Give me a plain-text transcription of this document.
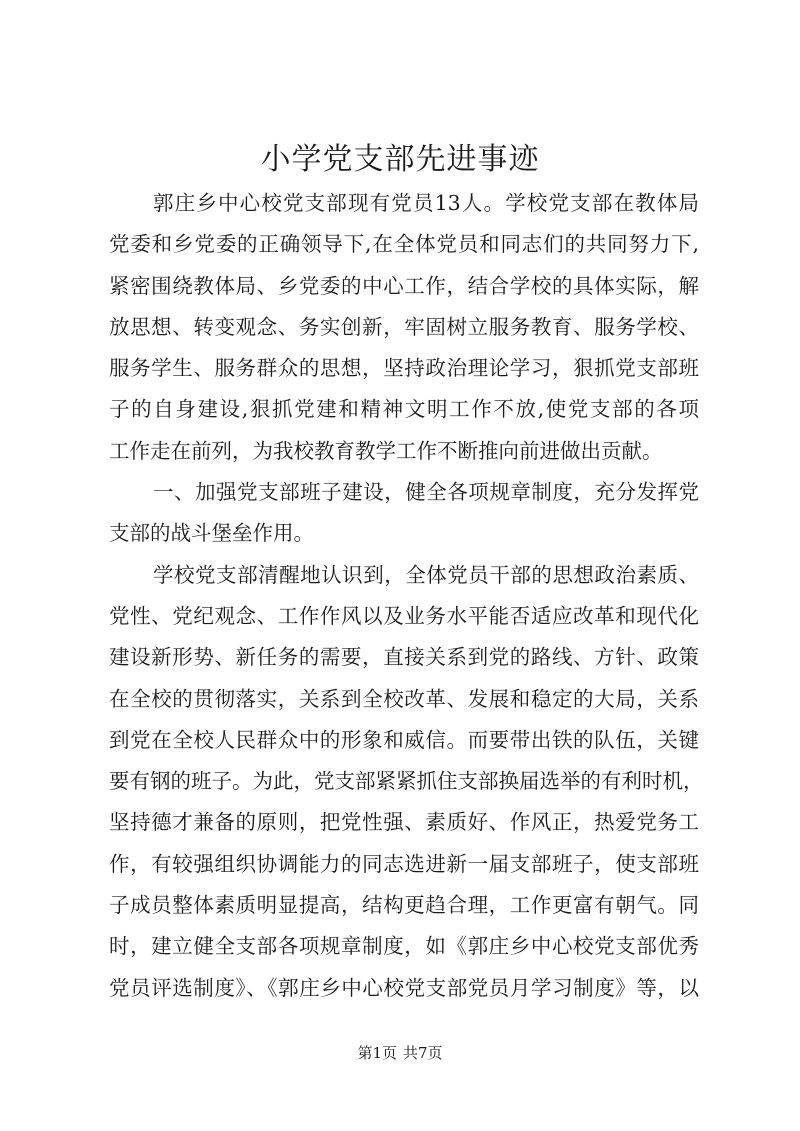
小学党支部先进事迹
郭庄乡中心校党支部现有党员13人。学校党支部在教体局
党委和乡党委的正确领导下,在全体党员和同志们的共同努力下,
紧密围绕教体局、乡党委的中心工作，结合学校的具体实际，解
放思想、转变观念、务实创新，牢固树立服务教育、服务学校、
服务学生、服务群众的思想，坚持政治理论学习，狠抓党支部班
子的自身建设,狠抓党建和精神文明工作不放,使党支部的各项
工作走在前列，为我校教育教学工作不断推向前进做出贡献。
一、加强党支部班子建设，健全各项规章制度，充分发挥党
支部的战斗堡垒作用。
学校党支部清醒地认识到，全体党员干部的思想政治素质、
党性、党纪观念、工作作风以及业务水平能否适应改革和现代化
建设新形势、新任务的需要，直接关系到党的路线、方针、政策
在全校的贯彻落实，关系到全校改革、发展和稳定的大局，关系
到党在全校人民群众中的形象和威信。而要带出铁的队伍，关键
要有钢的班子。为此，党支部紧紧抓住支部换届选举的有利时机，
坚持德才兼备的原则，把党性强、素质好、作风正，热爱党务工
作，有较强组织协调能力的同志选进新一届支部班子，使支部班
子成员整体素质明显提高，结构更趋合理，工作更富有朝气。同
时，建立健全支部各项规章制度，如《郭庄乡中心校党支部优秀
党员评选制度》、《郭庄乡中心校党支部党员月学习制度》等，以
第1页 共7页
